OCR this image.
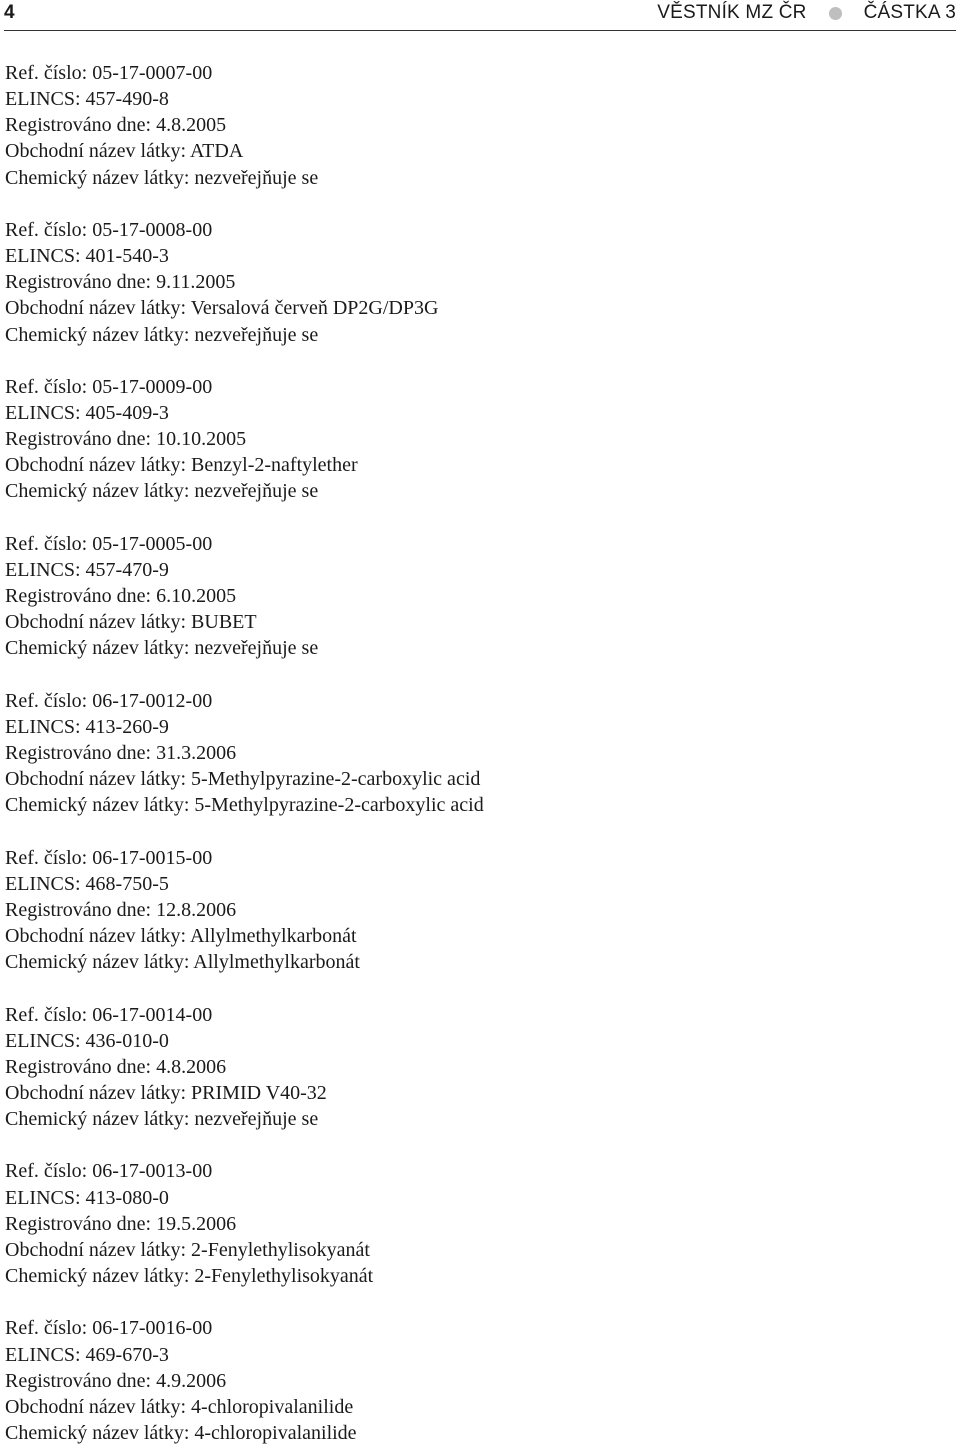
4	VĚSTNÍK MZ ČR	ČÁSTKA 3
Ref. číslo: 05-17-0007-00
ELINCS: 457-490-8
Registrováno dne: 4.8.2005
Obchodní název látky: ATDA
Chemický název látky: nezveřejňuje se
Ref. číslo: 05-17-0008-00
ELINCS: 401-540-3
Registrováno dne: 9.11.2005
Obchodní název látky: Versalová červeň DP2G/DP3G
Chemický název látky: nezveřejňuje se
Ref. číslo: 05-17-0009-00
ELINCS: 405-409-3
Registrováno dne: 10.10.2005
Obchodní název látky: Benzyl-2-naftylether
Chemický název látky: nezveřejňuje se
Ref. číslo: 05-17-0005-00
ELINCS: 457-470-9
Registrováno dne: 6.10.2005
Obchodní název látky: BUBET
Chemický název látky: nezveřejňuje se
Ref. číslo: 06-17-0012-00
ELINCS: 413-260-9
Registrováno dne: 31.3.2006
Obchodní název látky: 5-Methylpyrazine-2-carboxylic acid
Chemický název látky: 5-Methylpyrazine-2-carboxylic acid
Ref. číslo: 06-17-0015-00
ELINCS: 468-750-5
Registrováno dne: 12.8.2006
Obchodní název látky: Allylmethylkarbonát
Chemický název látky: Allylmethylkarbonát
Ref. číslo: 06-17-0014-00
ELINCS: 436-010-0
Registrováno dne: 4.8.2006
Obchodní název látky: PRIMID V40-32
Chemický název látky: nezveřejňuje se
Ref. číslo: 06-17-0013-00
ELINCS: 413-080-0
Registrováno dne: 19.5.2006
Obchodní název látky: 2-Fenylethylisokyanát
Chemický název látky: 2-Fenylethylisokyanát
Ref. číslo: 06-17-0016-00
ELINCS: 469-670-3
Registrováno dne: 4.9.2006
Obchodní název látky: 4-chloropivalanilide
Chemický název látky: 4-chloropivalanilide
